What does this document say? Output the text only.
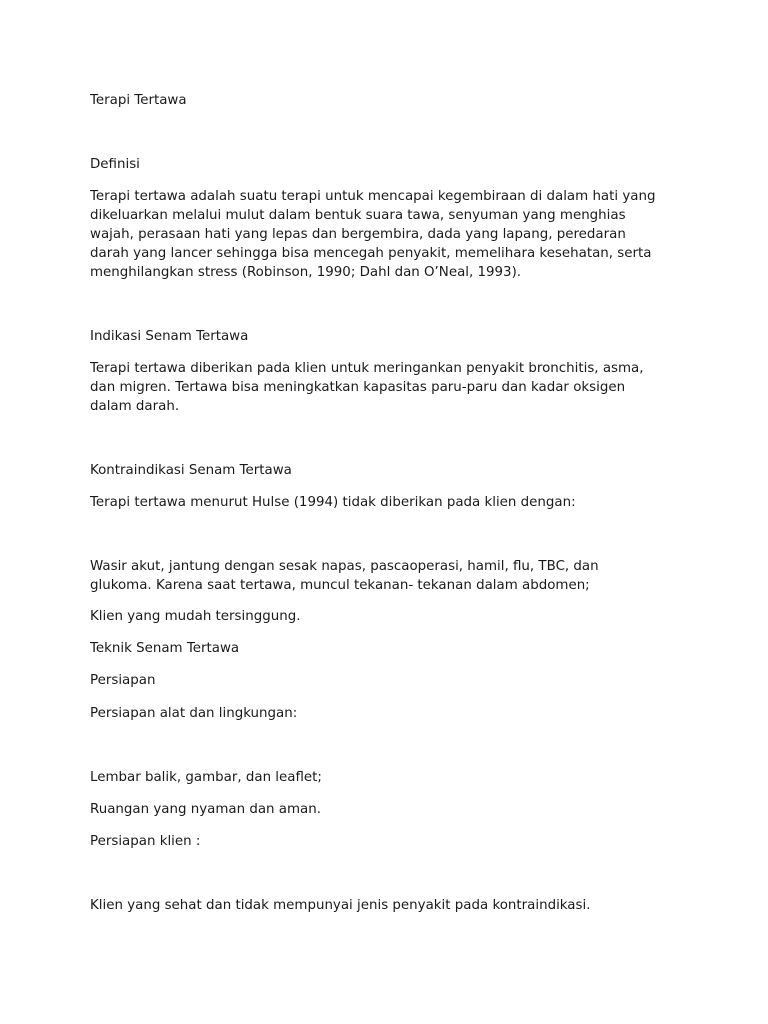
Terapi Tertawa

Definisi

Terapi tertawa adalah suatu terapi untuk mencapai kegembiraan di dalam hati yang
dikeluarkan melalui mulut dalam bentuk suara tawa, senyuman yang menghias
wajah, perasaan hati yang lepas dan bergembira, dada yang lapang, peredaran
darah yang lancer sehingga bisa mencegah penyakit, memelihara kesehatan, serta
menghilangkan stress (Robinson, 1990; Dahl dan O’Neal, 1993).

Indikasi Senam Tertawa

Terapi tertawa diberikan pada klien untuk meringankan penyakit bronchitis, asma,
dan migren. Tertawa bisa meningkatkan kapasitas paru-paru dan kadar oksigen
dalam darah.

Kontraindikasi Senam Tertawa

Terapi tertawa menurut Hulse (1994) tidak diberikan pada klien dengan:

Wasir akut, jantung dengan sesak napas, pascaoperasi, hamil, flu, TBC, dan
glukoma. Karena saat tertawa, muncul tekanan- tekanan dalam abdomen;

Klien yang mudah tersinggung.

Teknik Senam Tertawa

Persiapan

Persiapan alat dan lingkungan:

Lembar balik, gambar, dan leaflet;

Ruangan yang nyaman dan aman.

Persiapan klien :

Klien yang sehat dan tidak mempunyai jenis penyakit pada kontraindikasi.
